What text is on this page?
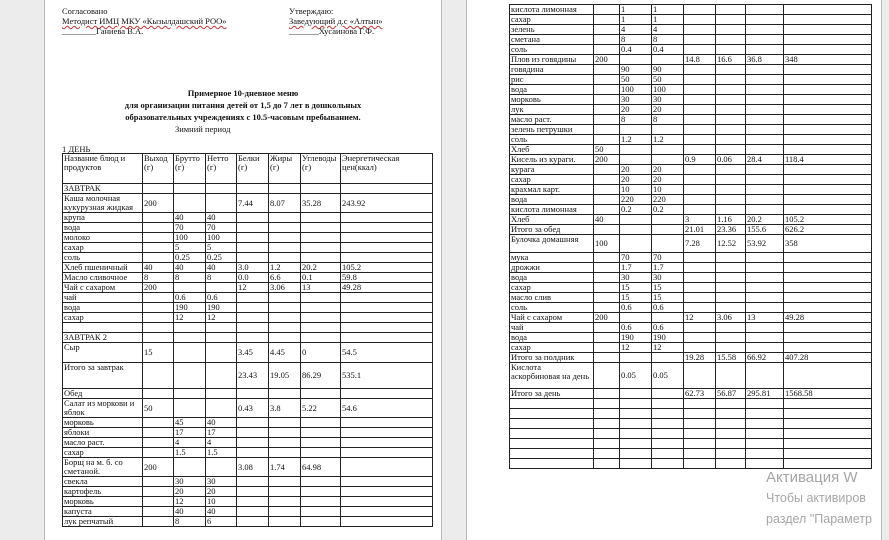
Согласовано	Утверждаю:
Методист ИМЦ МКУ «Кызылдашский РОО»	Заведующий д.с «Алтын»
________Ганиева В.А.	_______Хусаинова Г.Ф.
Примерное 10-дневное меню
для организации питания детей от 1,5 до 7 лет в дошкольных
образовательных учреждениях с 10.5-часовым пребыванием.
Зимний период
1 ДЕНЬ
Название блюд и продуктов	Выход (г)	Брутто (г)	Нетто (г)	Белки (г)	Жиры (г)	Углеводы (г)	Энергетическая цен(ккал)
ЗАВТРАК							
Каша молочная кукурузная жидкая	200			7.44	8.07	35.28	243.92
крупа		40	40				
вода		70	70				
молоко		100	100				
сахар		5	5				
соль		0.25	0.25				
Хлеб пшеничный	40	40	40	3.0	1.2	20.2	105.2
Масло сливочное	8	8	8	0.0	6.6	0.1	59.8
Чай с сахаром	200			12	3.06	13	49.28
чай		0.6	0.6				
вода		190	190				
сахар		12	12				

ЗАВТРАК 2							
Сыр	15			3.45	4.45	0	54.5
Итого за завтрак				23.43	19.05	86.29	535.1
Обед							
Салат из моркови и яблок	50			0.43	3.8	5.22	54.6
морковь		45	40				
яблоки		17	17				
масло раст.		4	4				
сахар		1.5	1.5				
Борщ на м. б. со сметаной.	200			3.08	1.74	64.98	
свекла		30	30				
картофель		20	20				
морковь		12	10				
капуста		40	40				
лук репчатый		8	6				
кислота лимонная		1	1				
сахар		1	1				
зелень		4	4				
сметана		8	8				
соль		0.4	0.4				
Плов из говядины	200			14.8	16.6	36.8	348
говядина		90	90				
рис		50	50				
вода		100	100				
морковь		30	30				
лук		20	20				
масло раст.		8	8				
зелень петрушки							
соль		1.2	1.2				
Хлеб	50						
Кисель из кураги.	200			0.9	0.06	28.4	118.4
курага		20	20				
сахар		20	20				
крахмал карт.		10	10				
вода		220	220				
кислота лимонная		0.2	0.2				
Хлеб	40			3	1.16	20.2	105.2
Итого за обед				21.01	23.36	155.6	626.2
Булочка домашняя	100			7.28	12.52	53.92	358
мука		70	70				
дрожжи		1.7	1.7				
вода		30	30				
сахар		15	15				
масло слив		15	15				
соль		0.6	0.6				
Чай с сахаром	200			12	3.06	13	49.28
чай		0.6	0.6				
вода		190	190				
сахар		12	12				
Итого за полдник				19.28	15.58	66.92	407.28
Кислота аскорбиновая на день		0.05	0.05				
Итого за день				62.73	56.87	295.81	1568.58

Активация W
Чтобы активиров
раздел "Параметр
